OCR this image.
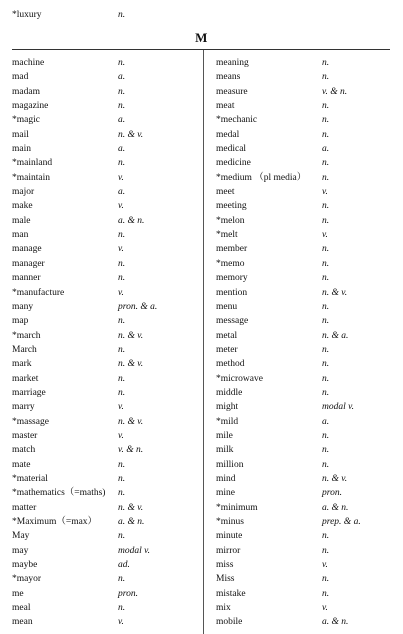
*luxury	n.
M
machine	n.
mad	a.
madam	n.
magazine	n.
*magic	a.
mail	n. & v.
main	a.
*mainland	n.
*maintain	v.
major	a.
make	v.
male	a. & n.
man	n.
manage	v.
manager	n.
manner	n.
*manufacture	v.
many	pron. & a.
map	n.
*march	n. & v.
March	n.
mark	n. & v.
market	n.
marriage	n.
marry	v.
*massage	n. & v.
master	v.
match	v. & n.
mate	n.
*material	n.
*mathematics（=maths) n.
matter	n. & v.
*Maximum（=max） a. & n.
May	n.
may	modal v.
maybe	ad.
*mayor	n.
me	pron.
meal	n.
mean	v.
meaning	n.
means	n.
measure	v. & n.
meat	n.
*mechanic	n.
medal	n.
medical	a.
medicine	n.
*medium （pl media） n.
meet	v.
meeting	n.
*melon	n.
*melt	v.
member	n.
*memo	n.
memory	n.
mention	n. & v.
menu	n.
message	n.
metal	n. & a.
meter	n.
method	n.
*microwave	n.
middle	n.
might	modal v.
*mild	a.
mile	n.
milk	n.
million	n.
mind	n. & v.
mine	pron.
*minimum	a. & n.
*minus	prep. & a.
minute	n.
mirror	n.
miss	v.
Miss	n.
mistake	n.
mix	v.
mobile	a. & n.
